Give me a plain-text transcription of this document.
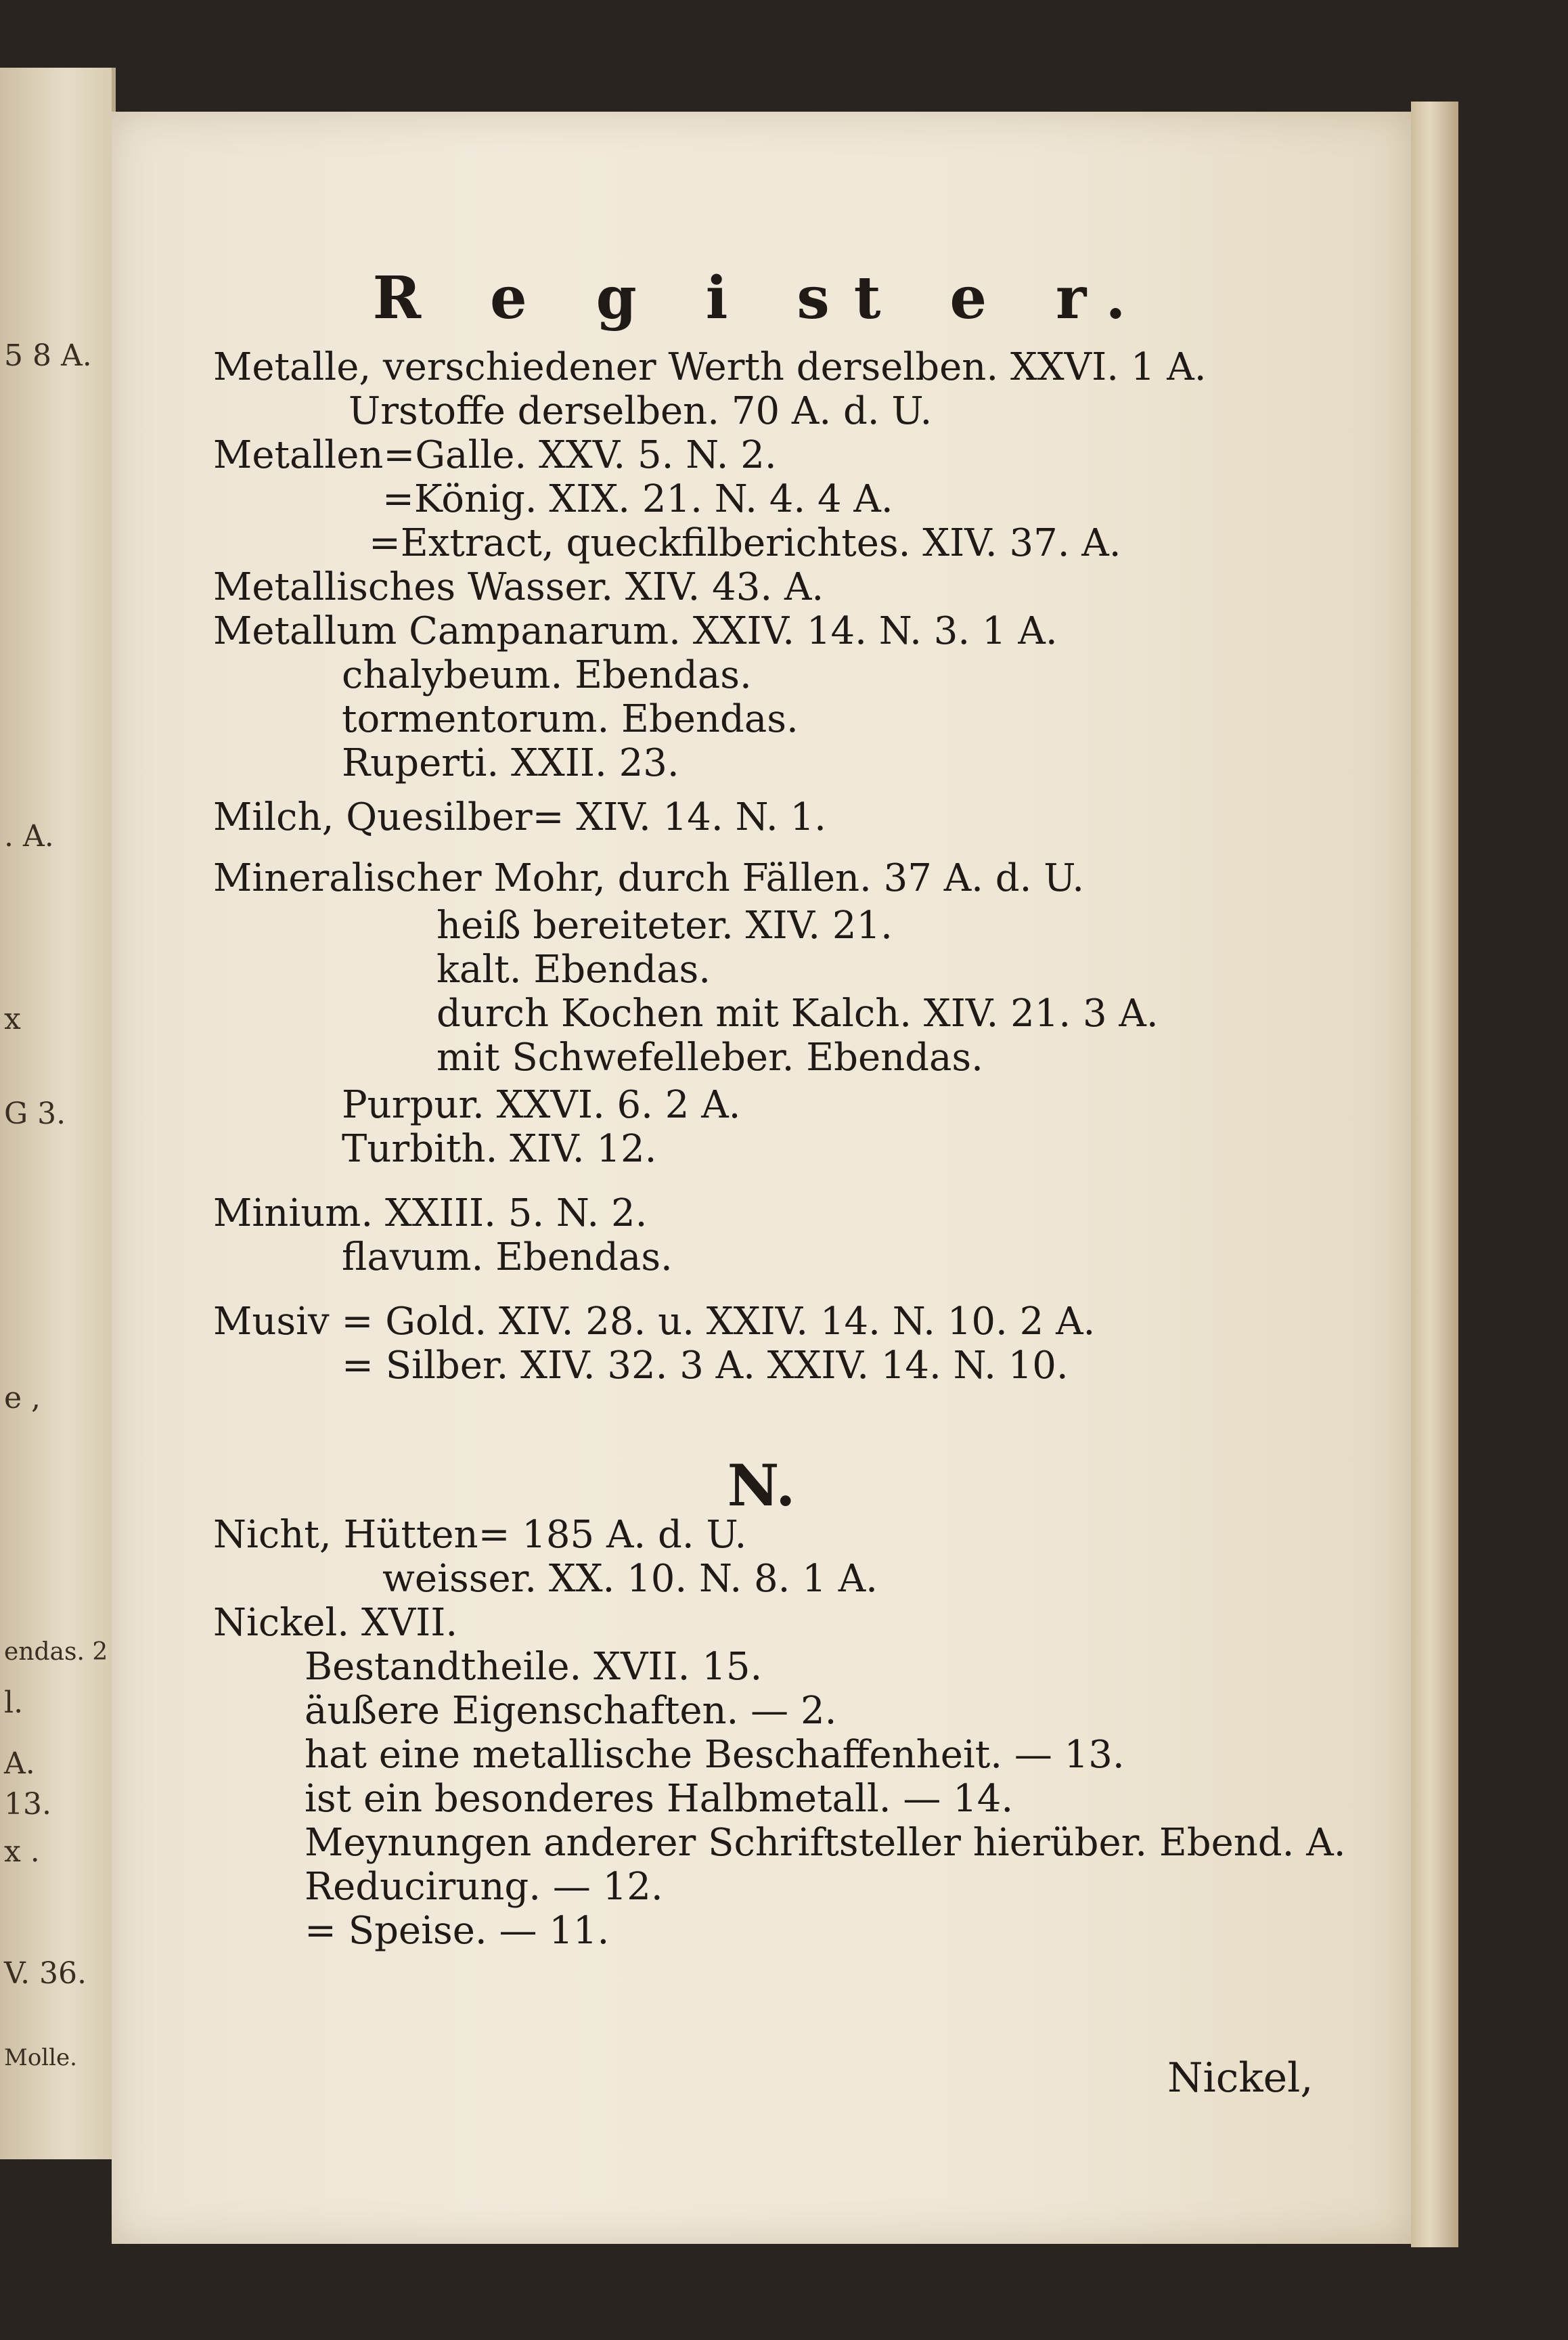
5 8 A.
. A.
x
G 3.
e ,
endas. 2
l.
A.
13.
x .
V. 36.
Molle.
R e g i st e r.
Metalle, verschiedener Werth derselben. XXVI. 1 A.
Urstoffe derselben. 70 A. d. U.
Metallen=Galle. XXV. 5. N. 2.
=König. XIX. 21. N. 4. 4 A.
=Extract, queckfilberichtes. XIV. 37. A.
Metallisches Wasser. XIV. 43. A.
Metallum Campanarum. XXIV. 14. N. 3. 1 A.
chalybeum. Ebendas.
tormentorum. Ebendas.
Ruperti. XXII. 23.
Milch, Quesilber= XIV. 14. N. 1.
Mineralischer Mohr, durch Fällen. 37 A. d. U.
heiß bereiteter. XIV. 21.
kalt. Ebendas.
durch Kochen mit Kalch. XIV. 21. 3 A.
mit Schwefelleber. Ebendas.
Purpur. XXVI. 6. 2 A.
Turbith. XIV. 12.
Minium. XXIII. 5. N. 2.
flavum. Ebendas.
Musiv = Gold. XIV. 28. u. XXIV. 14. N. 10. 2 A.
= Silber. XIV. 32. 3 A. XXIV. 14. N. 10.
N.
Nicht, Hütten= 185 A. d. U.
weisser. XX. 10. N. 8. 1 A.
Nickel. XVII.
Bestandtheile. XVII. 15.
äußere Eigenschaften. — 2.
hat eine metallische Beschaffenheit. — 13.
ist ein besonderes Halbmetall. — 14.
Meynungen anderer Schriftsteller hierüber. Ebend. A.
Reducirung. — 12.
= Speise. — 11.
Nickel,
